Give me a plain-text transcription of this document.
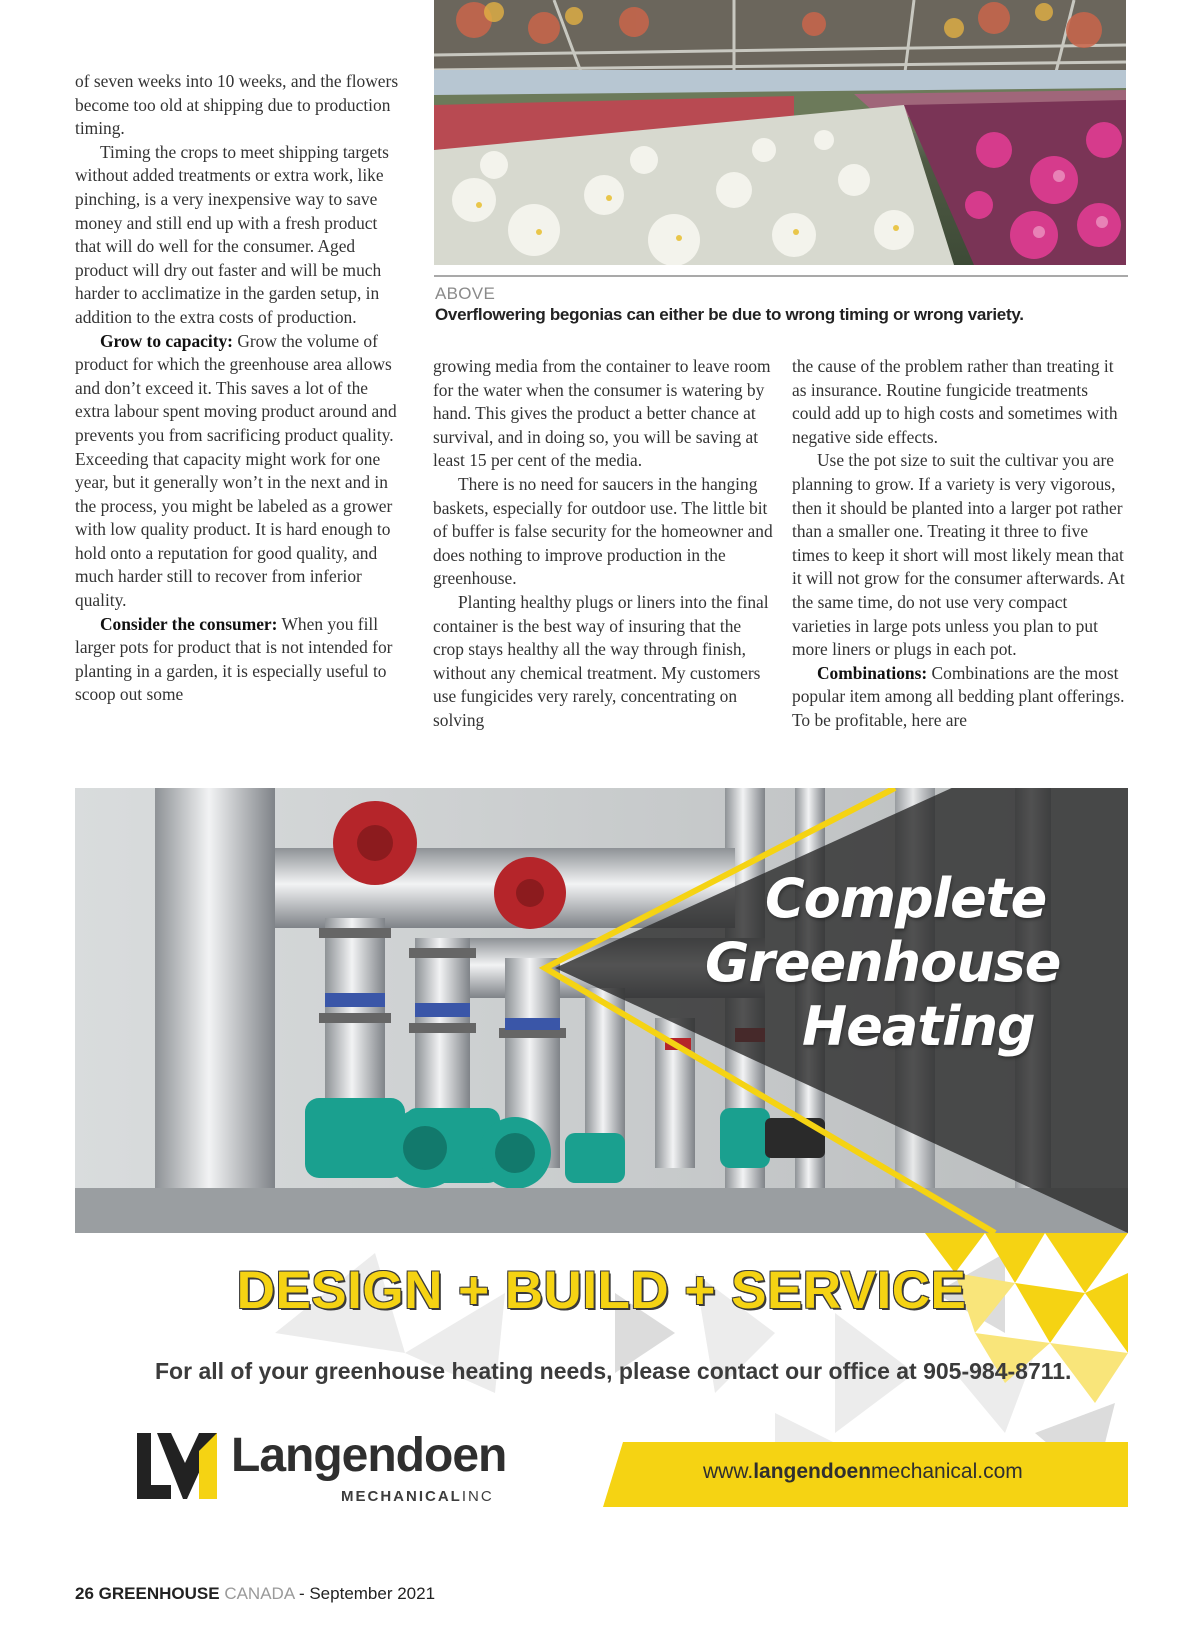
of seven weeks into 10 weeks, and the flowers become too old at shipping due to production timing.

Timing the crops to meet shipping targets without added treatments or extra work, like pinching, is a very inexpensive way to save money and still end up with a fresh product that will do well for the consumer. Aged product will dry out faster and will be much harder to acclimatize in the garden setup, in addition to the extra costs of production.

Grow to capacity: Grow the volume of product for which the greenhouse area allows and don’t exceed it. This saves a lot of the extra labour spent moving product around and prevents you from sacrificing product quality. Exceeding that capacity might work for one year, but it generally won’t in the next and in the process, you might be labeled as a grower with low quality product. It is hard enough to hold onto a reputation for good quality, and much harder still to recover from inferior quality.

Consider the consumer: When you fill larger pots for product that is not intended for planting in a garden, it is especially useful to scoop out some

ABOVE
Overflowering begonias can either be due to wrong timing or wrong variety.

growing media from the container to leave room for the water when the consumer is watering by hand. This gives the product a better chance at survival, and in doing so, you will be saving at least 15 per cent of the media.

There is no need for saucers in the hanging baskets, especially for outdoor use. The little bit of buffer is false security for the homeowner and does nothing to improve production in the greenhouse.

Planting healthy plugs or liners into the final container is the best way of insuring that the crop stays healthy all the way through finish, without any chemical treatment. My customers use fungicides very rarely, concentrating on solving

the cause of the problem rather than treating it as insurance. Routine fungicide treatments could add up to high costs and sometimes with negative side effects.

Use the pot size to suit the cultivar you are planning to grow. If a variety is very vigorous, then it should be planted into a larger pot rather than a smaller one. Treating it three to five times to keep it short will most likely mean that it will not grow for the consumer afterwards. At the same time, do not use very compact varieties in large pots unless you plan to put more liners or plugs in each pot.

Combinations: Combinations are the most popular item among all bedding plant offerings. To be profitable, here are

Complete
Greenhouse
Heating
DESIGN + BUILD + SERVICE
For all of your greenhouse heating needs, please contact our office at 905-984-8711.
Langendoen
MECHANICALINC
www.langendoenmechanical.com
26 GREENHOUSE CANADA - September 2021
